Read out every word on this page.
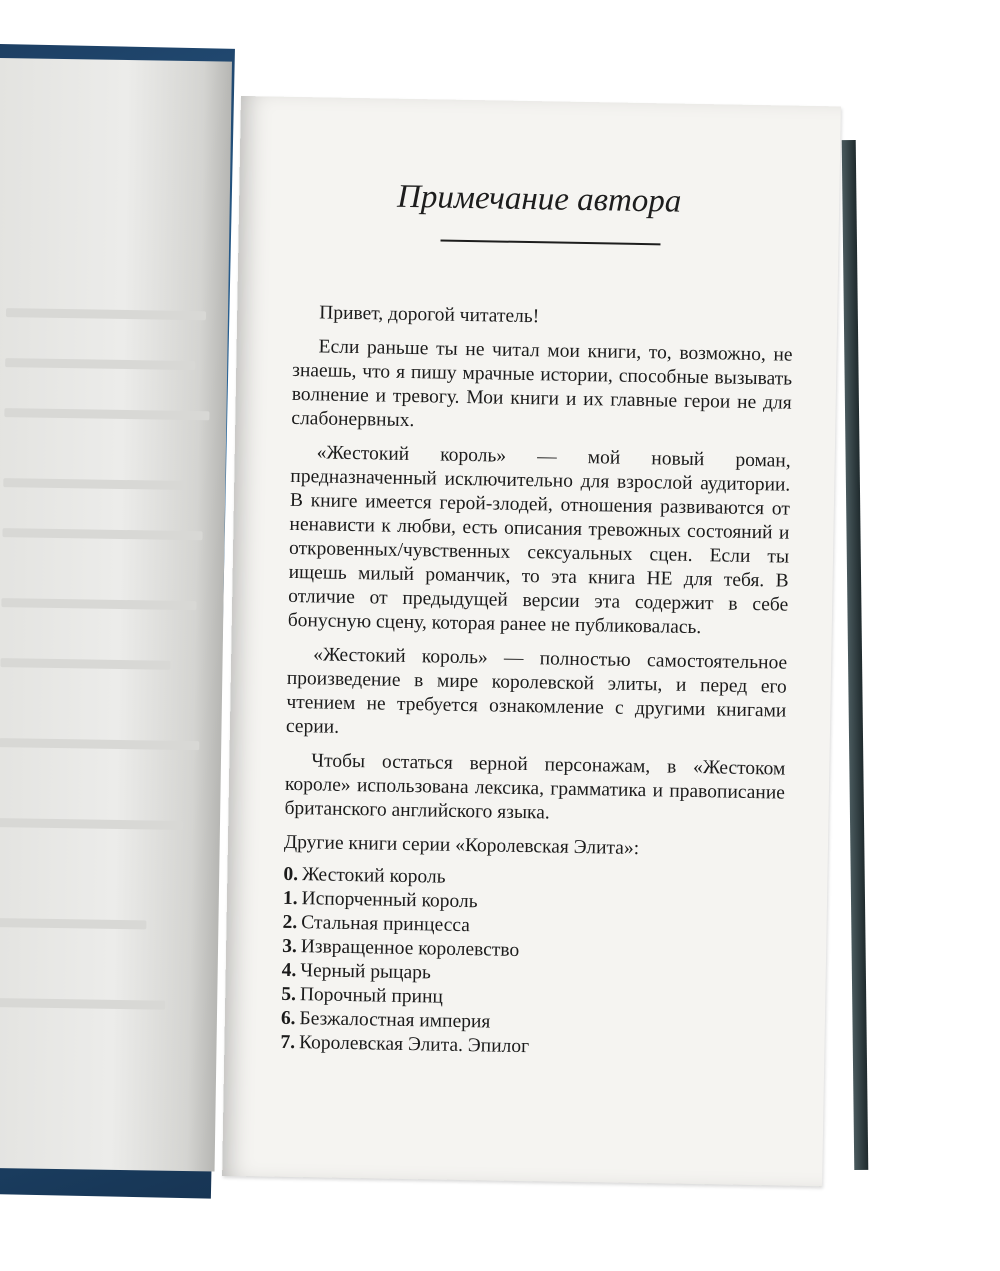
Примечание автора

Привет, дорогой читатель!

Если раньше ты не читал мои книги, то, возможно, не знаешь, что я пишу мрачные истории, способные вызывать волнение и тревогу. Мои книги и их главные герои не для слабонервных.

«Жестокий король» — мой новый роман, предназначенный исключительно для взрослой аудитории. В книге имеется герой-злодей, отношения развиваются от ненависти к любви, есть описания тревожных состояний и откровенных/чувственных сексуальных сцен. Если ты ищешь милый романчик, то эта книга НЕ для тебя. В отличие от предыдущей версии эта содержит в себе бонусную сцену, которая ранее не публиковалась.

«Жестокий король» — полностью самостоятельное произведение в мире королевской элиты, и перед его чтением не требуется ознакомление с другими книгами серии.

Чтобы остаться верной персонажам, в «Жестоком короле» использована лексика, грамматика и правописание британского английского языка.

Другие книги серии «Королевская Элита»:
0. Жестокий король
1. Испорченный король
2. Стальная принцесса
3. Извращенное королевство
4. Черный рыцарь
5. Порочный принц
6. Безжалостная империя
7. Королевская Элита. Эпилог
